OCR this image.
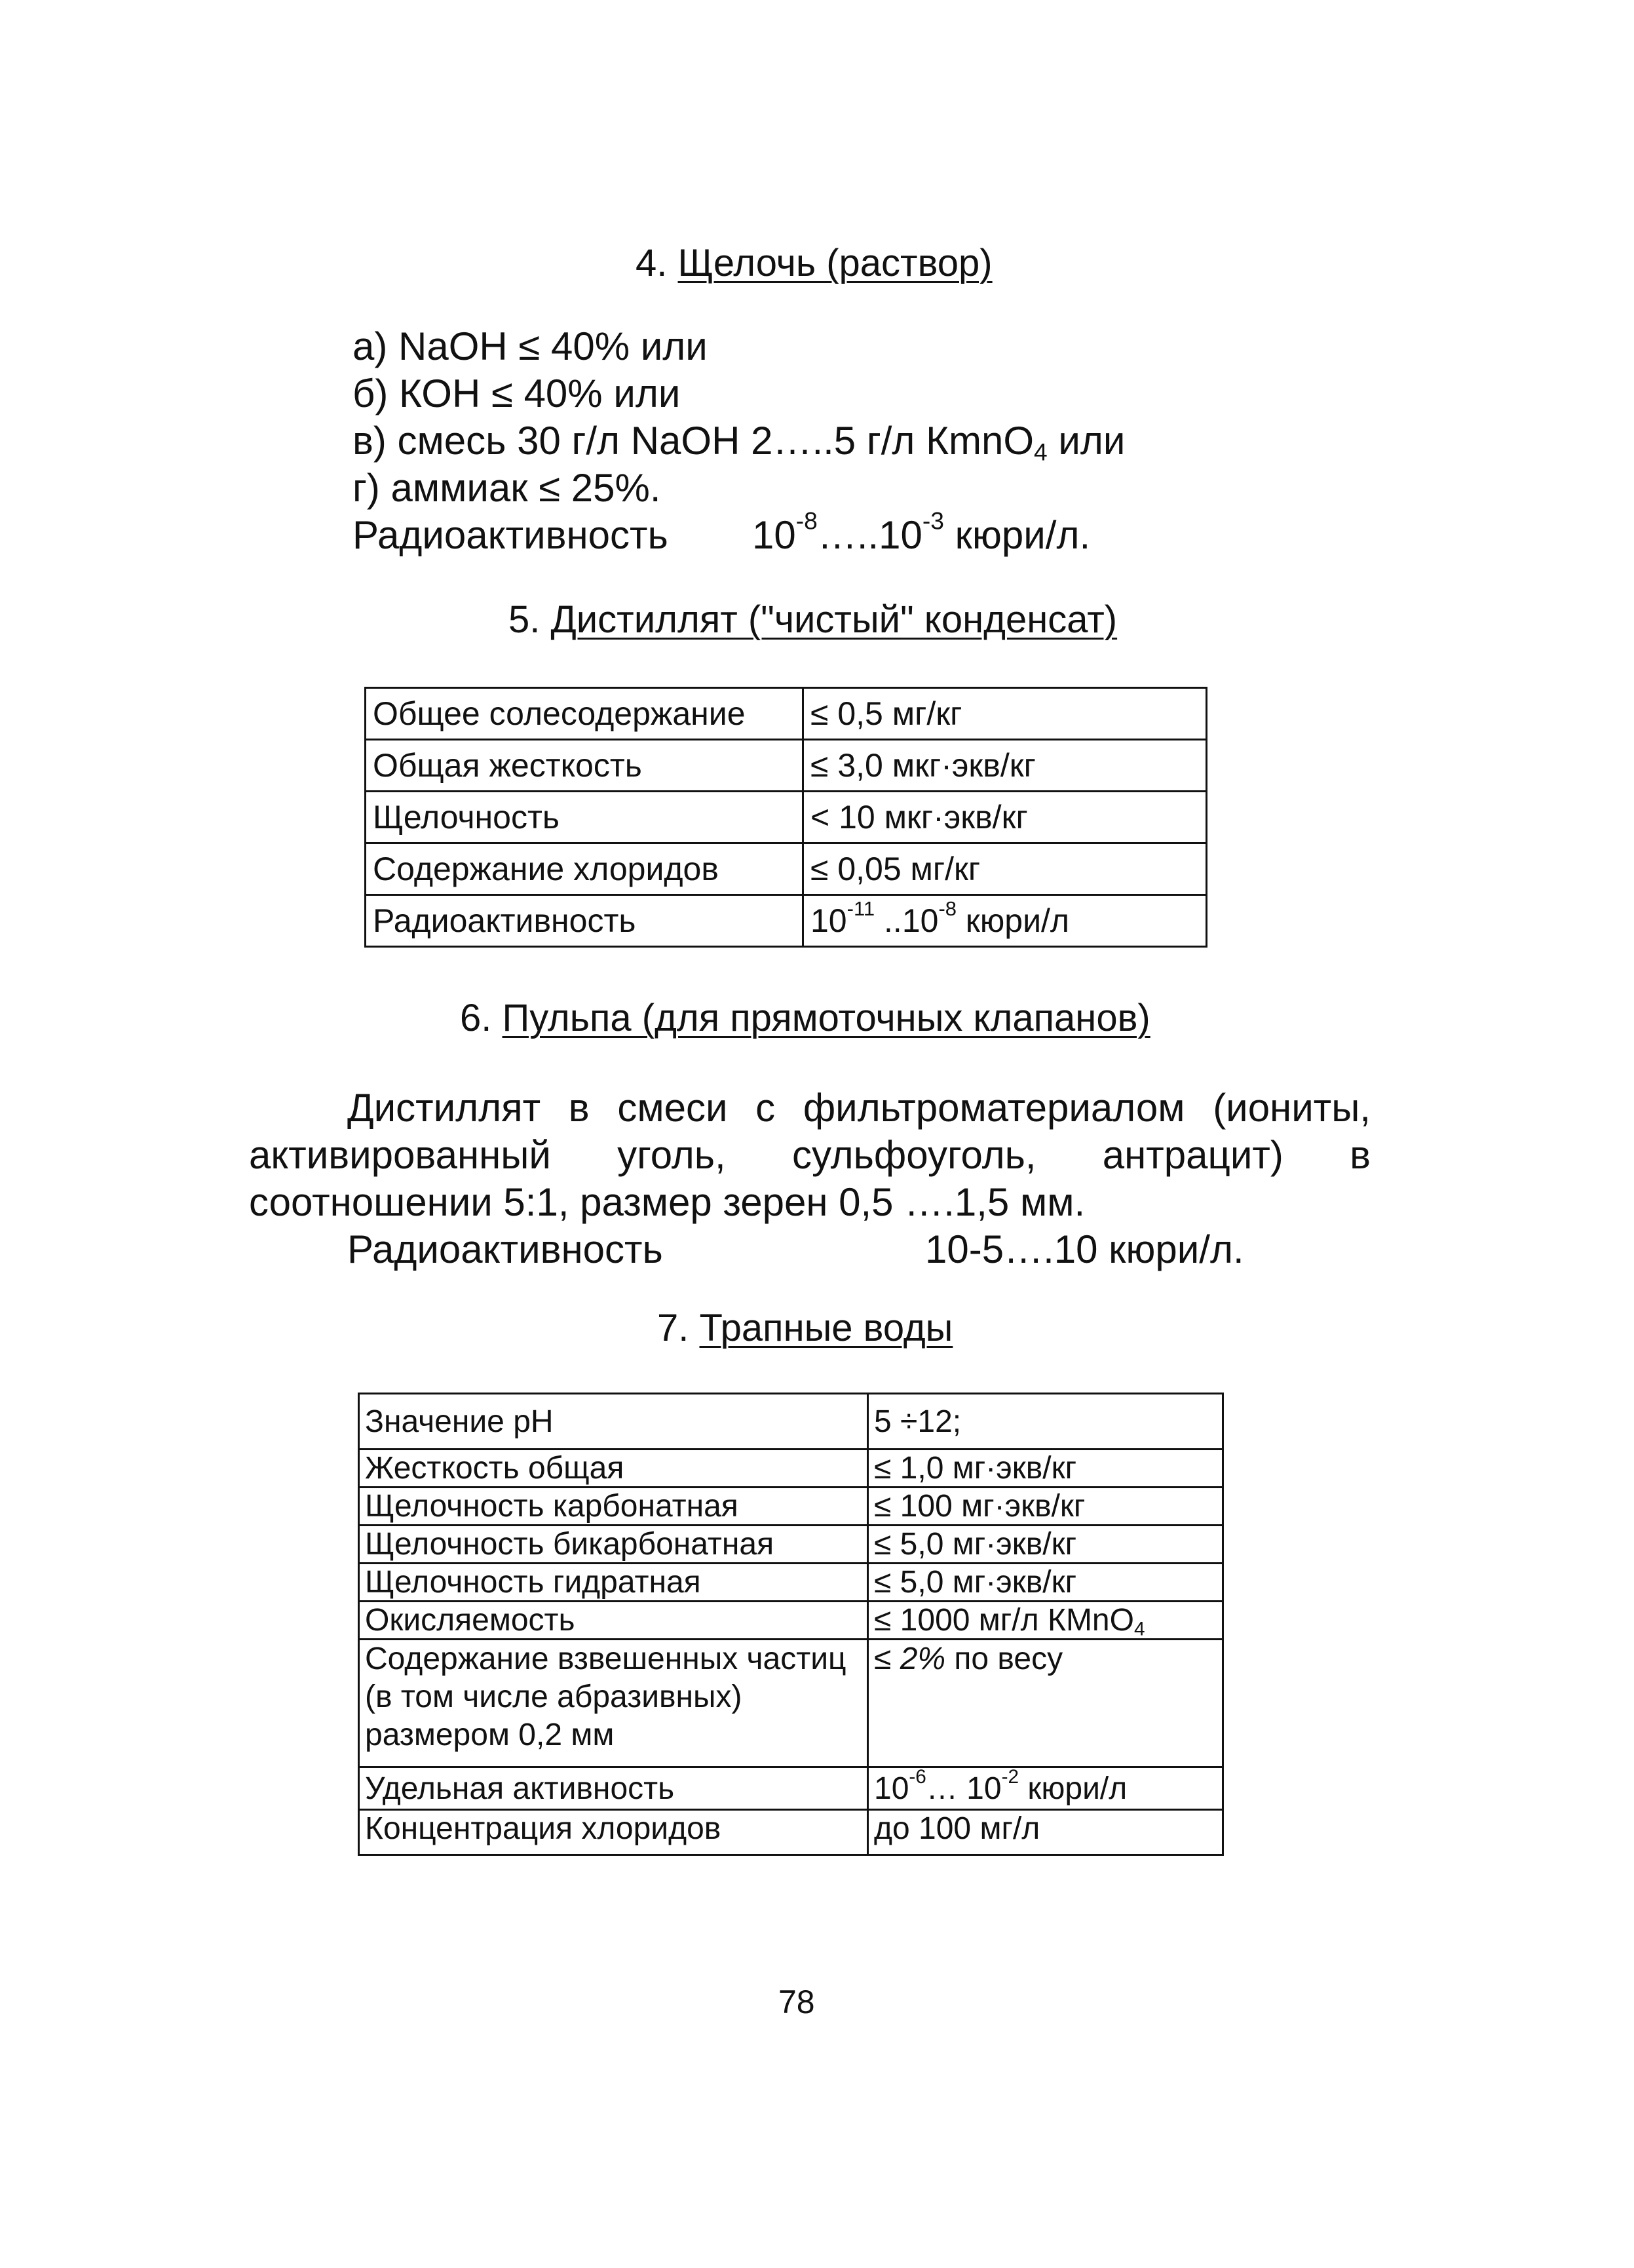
4. Щелочь (раствор)
а) NaOH ≤ 40% или
б) КОН ≤ 40% или
в) смесь 30 г/л NaOH 2…..5 г/л КmnO$_4$ или
г) аммиак ≤ 25%.
Радиоактивность $10^{-8}\dots..10^{-3}$ кюри/л.
5. Дистиллят ("чистый" конденсат)
Общее солесодержание	≤ 0,5 мг/кг
Общая жесткость	≤ 3,0 мкг·экв/кг
Щелочность	< 10 мкг·экв/кг
Содержание хлоридов	≤ 0,05 мг/кг
Радиоактивность	$10^{-11}$ $..10^{-8}$ кюри/л
6. Пульпа (для прямоточных клапанов)
Дистиллят в смеси с фильтроматериалом (иониты,
активированный уголь, сульфоуголь, антрацит) в
соотношении 5:1, размер зерен 0,5 ….1,5 мм.
Радиоактивность	10-5….10 кюри/л.
7. Трапные воды
Значение рН	5 ÷12;
Жесткость общая	≤ 1,0 мг·экв/кг
Щелочность карбонатная	≤ 100 мг·экв/кг
Щелочность бикарбонатная	≤ 5,0 мг·экв/кг
Щелочность гидратная	≤ 5,0 мг·экв/кг
Окисляемость	≤ 1000 мг/л КMnO$_4$
Содержание взвешенных частиц (в том числе абразивных) размером 0,2 мм	≤ 2% по весу
Удельная активность	$10^{-6}\dots$ $10^{-2}$ кюри/л
Концентрация хлоридов	до 100 мг/л
78
